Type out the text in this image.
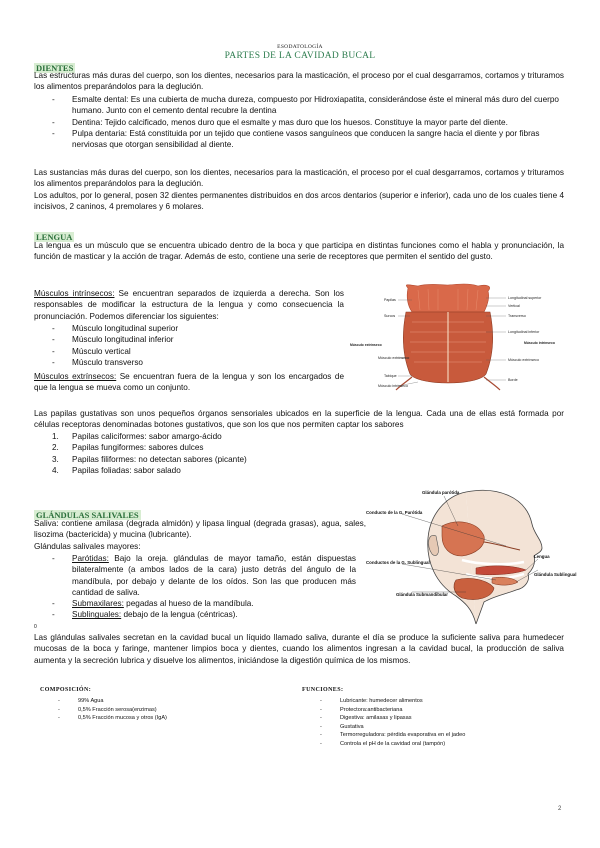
ESODATOLOGÍA
PARTES DE LA CAVIDAD BUCAL
DIENTES
Las estructuras más duras del cuerpo, son los dientes, necesarios para la masticación, el proceso por el cual desgarramos, cortamos y trituramos los alimentos preparándolos para la deglución.
- Esmalte dental: Es una cubierta de mucha dureza, compuesto por Hidroxiapatita, considerándose éste el mineral más duro del cuerpo humano. Junto con el cemento dental recubre la dentina
- Dentina: Tejido calcificado, menos duro que el esmalte y mas duro que los huesos. Constituye la mayor parte del diente.
- Pulpa dentaria: Está constituida por un tejido que contiene vasos sanguíneos que conducen la sangre hacia el diente y por fibras nerviosas que otorgan sensibilidad al diente.
Las sustancias más duras del cuerpo, son los dientes, necesarios para la masticación, el proceso por el cual desgarramos, cortamos y trituramos los alimentos preparándolos para la deglución.
Los adultos, por lo general, posen 32 dientes permanentes distribuidos en dos arcos dentarios (superior e inferior), cada uno de los cuales tiene 4 incisivos, 2 caninos, 4 premolares y 6 molares.
LENGUA
La lengua es un músculo que se encuentra ubicado dentro de la boca y que participa en distintas funciones como el habla y pronunciación, la función de masticar y la acción de tragar. Además de esto, contiene una serie de receptores que permiten el sentido del gusto.
Músculos intrínsecos: Se encuentran separados de izquierda a derecha. Son los responsables de modificar la estructura de la lengua y como consecuencia la pronunciación. Podemos diferenciar los siguientes:
- Músculo longitudinal superior
- Músculo longitudinal inferior
- Músculo vertical
- Músculo transverso
Músculos extrínsecos: Se encuentran fuera de la lengua y son los encargados de que la lengua se mueva como un conjunto.
Papilas
Surcos
Músculo extrínseco
Tabique
Músculo intrínseco
Longitudinal superior
Vertical
Transverso
Longitudinal inferior
Músculo extrínseco
Borde
Músculo extrínseco	Músculo intrínseco
Las papilas gustativas son unos pequeños órganos sensoriales ubicados en la superficie de la lengua. Cada una de ellas está formada por células receptoras denominadas botones gustativos, que son los que nos permiten captar los sabores
1. Papilas caliciformes: sabor amargo-ácido
2. Papilas fungiformes: sabores dulces
3. Papilas filiformes: no detectan sabores (picante)
4. Papilas foliadas: sabor salado
GLÁNDULAS SALIVALES
Saliva: contiene amilasa (degrada almidón) y lipasa lingual (degrada grasas), agua, sales, lisozima (bactericida) y mucina (lubricante).
Glándulas salivales mayores:
- Parótidas: Bajo la oreja. glándulas de mayor tamaño, están dispuestas bilateralmente (a ambos lados de la cara) justo detrás del ángulo de la mandíbula, por debajo y delante de los oídos. Son las que producen más cantidad de saliva.
- Submaxilares: pegadas al hueso de la mandíbula.
- Sublinguales: debajo de la lengua (céntricas).
0
Glándula parótida
Conducto de la G. Parótida
Conductos de la G. Sublingual
Lengua
Glándula Sublingual
Glándula Submandibular
Las glándulas salivales secretan en la cavidad bucal un líquido llamado saliva, durante el día se produce la suficiente saliva para humedecer mucosas de la boca y faringe, mantener limpios boca y dientes, cuando los alimentos ingresan a la cavidad bucal, la producción de saliva aumenta y la secreción lubrica y disuelve los alimentos, iniciándose la digestión química de los mismos.
COMPOSICIÓN:
-	99% Agua
-	0,5% Fracción serosa(enzimas)
-	0,5% Fracción mucosa y otros (IgA)
FUNCIONES:
-	Lubricante: humedecer alimentos
-	Protectora:antibacteriana
-	Digestiva: amilasas y lipasas
-	Gustativa
-	Termorreguladora: pérdida evaporativa en el jadeo
-	Controla el pH de la cavidad oral (tampón)
2
